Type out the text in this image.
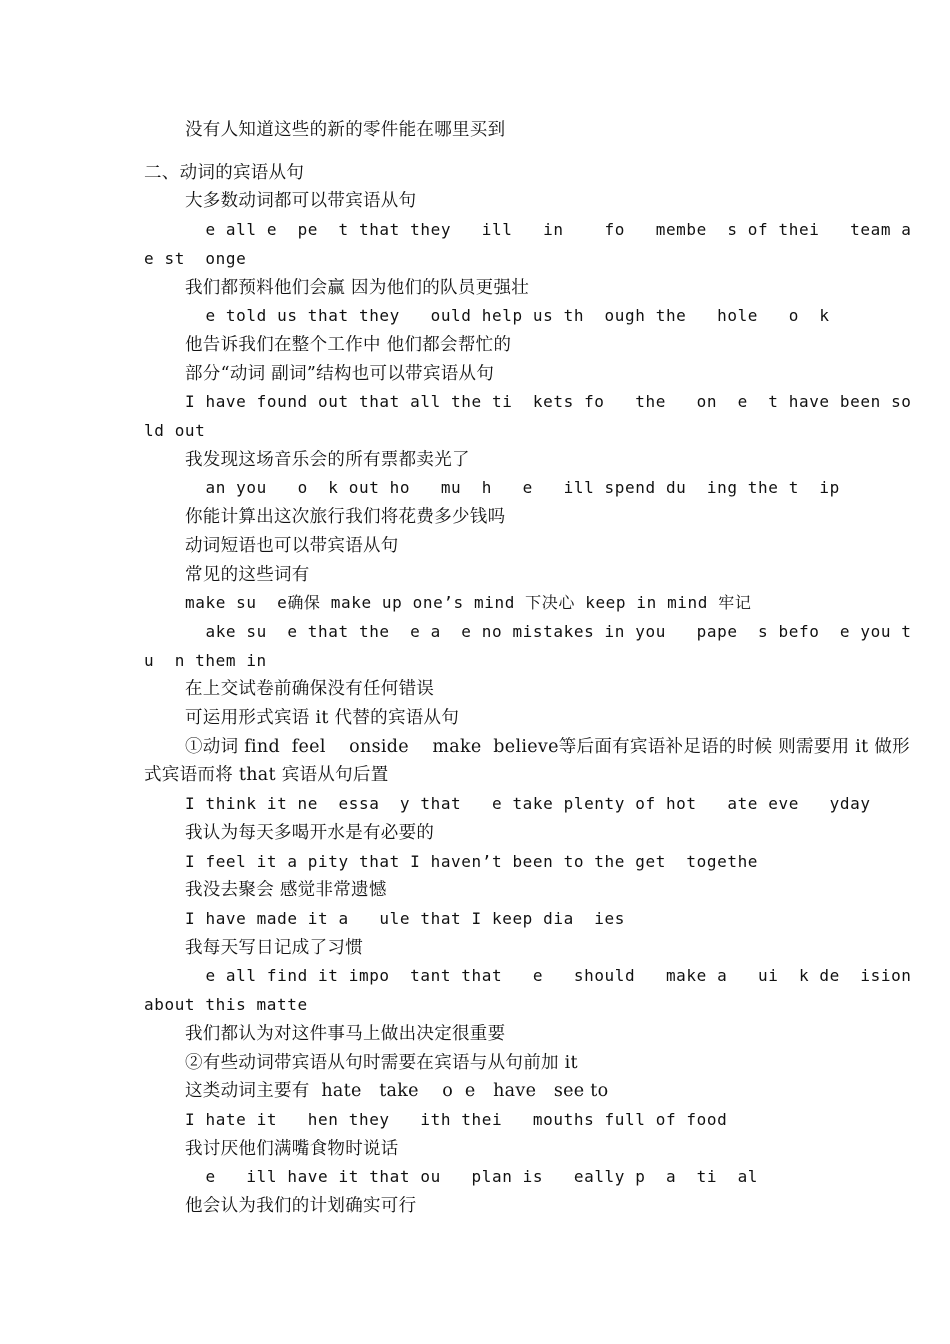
没有人知道这些的新的零件能在哪里买到

二、动词的宾语从句

大多数动词都可以带宾语从句

e all e  pe  t that they   ill   in    fo   membe  s of thei   team a  e st  onge

我们都预料他们会赢 因为他们的队员更强壮

e told us that they   ould help us th  ough the   hole   o  k

他告诉我们在整个工作中 他们都会帮忙的

部分“动词 副词”结构也可以带宾语从句

I have found out that all the ti  kets fo   the   on  e  t have been sold out

我发现这场音乐会的所有票都卖光了

an you   o  k out ho   mu  h   e   ill spend du  ing the t  ip

你能计算出这次旅行我们将花费多少钱吗

动词短语也可以带宾语从句

常见的这些词有

make su  e确保 make up one’s mind 下决心 keep in mind 牢记

ake su  e that the  e a  e no mistakes in you   pape  s befo  e you tu  n them in

在上交试卷前确保没有任何错误

可运用形式宾语 it 代替的宾语从句

①动词 find  feel    onside    make  believe等后面有宾语补足语的时候 则需要用 it 做形式宾语而将 that 宾语从句后置

I think it ne  essa  y that   e take plenty of hot   ate eve   yday

我认为每天多喝开水是有必要的

I feel it a pity that I haven’t been to the get  togethe

我没去聚会 感觉非常遗憾

I have made it a   ule that I keep dia  ies

我每天写日记成了习惯

e all find it impo  tant that   e   should   make a   ui  k de  ision about this matte

我们都认为对这件事马上做出决定很重要

②有些动词带宾语从句时需要在宾语与从句前加 it

这类动词主要有  hate   take    o  e   have   see to

I hate it   hen they   ith thei   mouths full of food

我讨厌他们满嘴食物时说话

e   ill have it that ou   plan is   eally p  a  ti  al

他会认为我们的计划确实可行
